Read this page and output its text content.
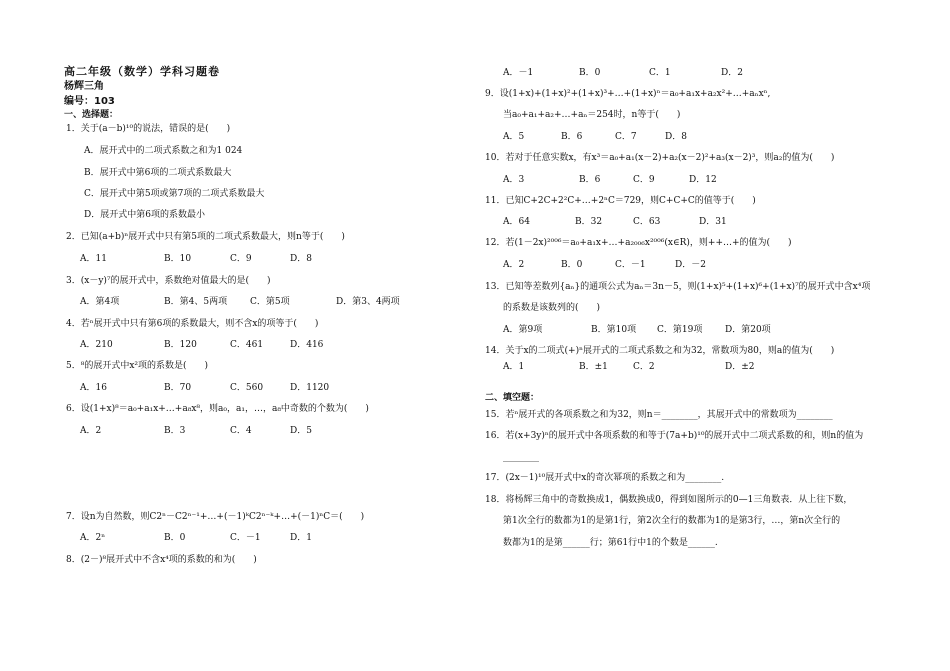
高二年级（数学）学科习题卷
杨辉三角
编号：103
一、选择题：
1．关于(a－b)¹⁰的说法，错误的是(　　)
A．展开式中的二项式系数之和为1 024
B．展开式中第6项的二项式系数最大
C．展开式中第5项或第7项的二项式系数最大
D．展开式中第6项的系数最小
2．已知(a+b)ⁿ展开式中只有第5项的二项式系数最大，则n等于(　　)
A．11	B．10	C．9	D．8
3．(x－y)⁷的展开式中，系数绝对值最大的是(　　)
A．第4项	B．第4、5两项	C．第5项	D．第3、4两项
4．若ⁿ展开式中只有第6项的系数最大，则不含x的项等于(　　)
A．210	B．120	C．461	D．416
5．⁸的展开式中x²项的系数是(　　)
A．16	B．70	C．560	D．1120
6．设(1+x)⁸＝a₀+a₁x+…+a₈x⁸，则a₀，a₁，…，a₈中奇数的个数为(　　)
A．2	B．3	C．4	D．5
7．设n为自然数，则C2ⁿ－C2ⁿ⁻¹+…+(－1)ᵏC2ⁿ⁻ᵏ+…+(－1)ⁿC＝(　　)
A．2ⁿ	B．0	C．－1	D．1
8．(2－)⁸展开式中不含x⁴项的系数的和为(　　)
A．－1	B．0	C．1	D．2
9．设(1+x)+(1+x)²+(1+x)³+…+(1+x)ⁿ＝a₀+a₁x+a₂x²+…+aₙxⁿ,
当a₀+a₁+a₂+…+aₙ＝254时，n等于(　　)
A．5	B．6	C．7	D．8
10．若对于任意实数x，有x³＝a₀+a₁(x－2)+a₂(x－2)²+a₃(x－2)³，则a₂的值为(　　)
A．3	B．6	C．9	D．12
11．已知C+2C+2²C+…+2ⁿC＝729，则C+C+C的值等于(　　)
A．64	B．32	C．63	D．31
12．若(1－2x)²⁰⁰⁶＝a₀+a₁x+…+a₂₀₀₆x²⁰⁰⁶(x∈R)，则++…+的值为(　　)
A．2	B．0	C．－1	D．－2
13．已知等差数列{aₙ}的通项公式为aₙ＝3n－5，则(1+x)⁵+(1+x)⁶+(1+x)⁷的展开式中含x⁴项
的系数是该数列的(　　)
A．第9项	B．第10项 C．第19项	D．第20项
14．关于x的二项式(+)ⁿ展开式的二项式系数之和为32，常数项为80，则a的值为(　　)
A．1	B．±1	C．2	D．±2
二、填空题：
15．若ⁿ展开式的各项系数之和为32，则n＝________，其展开式中的常数项为________
16．若(x+3y)ⁿ的展开式中各项系数的和等于(7a+b)¹⁰的展开式中二项式系数的和，则n的值为
________
17．(2x－1)¹⁰展开式中x的奇次幂项的系数之和为________.
18．将杨辉三角中的奇数换成1，偶数换成0，得到如图所示的0—1三角数表．从上往下数，
第1次全行的数都为1的是第1行，第2次全行的数都为1的是第3行，…，第n次全行的
数都为1的是第______行；第61行中1的个数是______.
